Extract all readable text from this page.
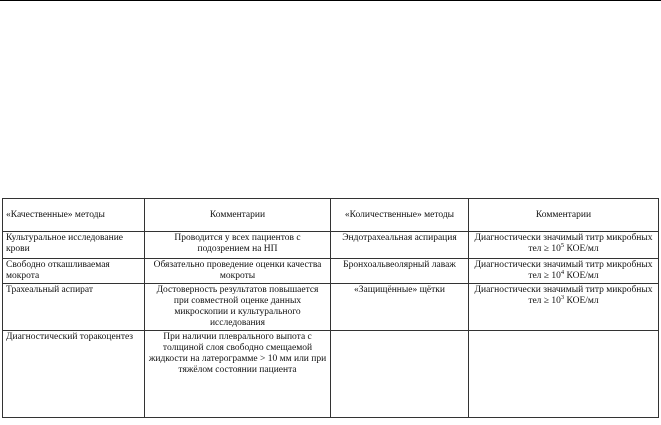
«Качественные» методы	Комментарии	«Количественные» методы	Комментарии
Культуральное исследование крови	Проводится у всех пациентов с подозрением на НП	Эндотрахеальная аспирация	Диагностически значимый титр микробных тел ≥ $10^5$ КОЕ/мл
Свободно откашливаемая мокрота	Обязательно проведение оценки качества мокроты	Бронхоальвеолярный лаваж	Диагностически значимый титр микробных тел ≥ $10^4$ КОЕ/мл
Трахеальный аспират	Достоверность результатов повышается при совместной оценке данных микроскопии и культурального исследования	«Защищённые» щётки	Диагностически значимый титр микробных тел ≥ $10^3$ КОЕ/мл
Диагностический торакоцентез	При наличии плеврального выпота с толщиной слоя свободно смещаемой жидкости на латерограмме > 10 мм или при тяжёлом состоянии пациента		
